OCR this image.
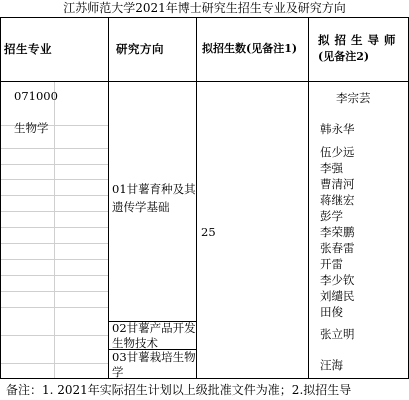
江苏师范大学2021年博士研究生招生专业及研究方向
招生专业	研究方向	拟招生数(见备注1)
拟 招 生 导 师
(见备注2)
071000
生物学
01甘薯育种及其
遗传学基础
02甘薯产品开发
生物技术
03甘薯栽培生物
学
25
李宗芸
韩永华
伍少远
李强
曹清河
蒋继宏
彭学
李荣鹏
张春雷
开雷
李少钦
刘缱民
田俊
张立明
汪海
备注：1. 2021年实际招生计划以上级批准文件为准；2.拟招生导
